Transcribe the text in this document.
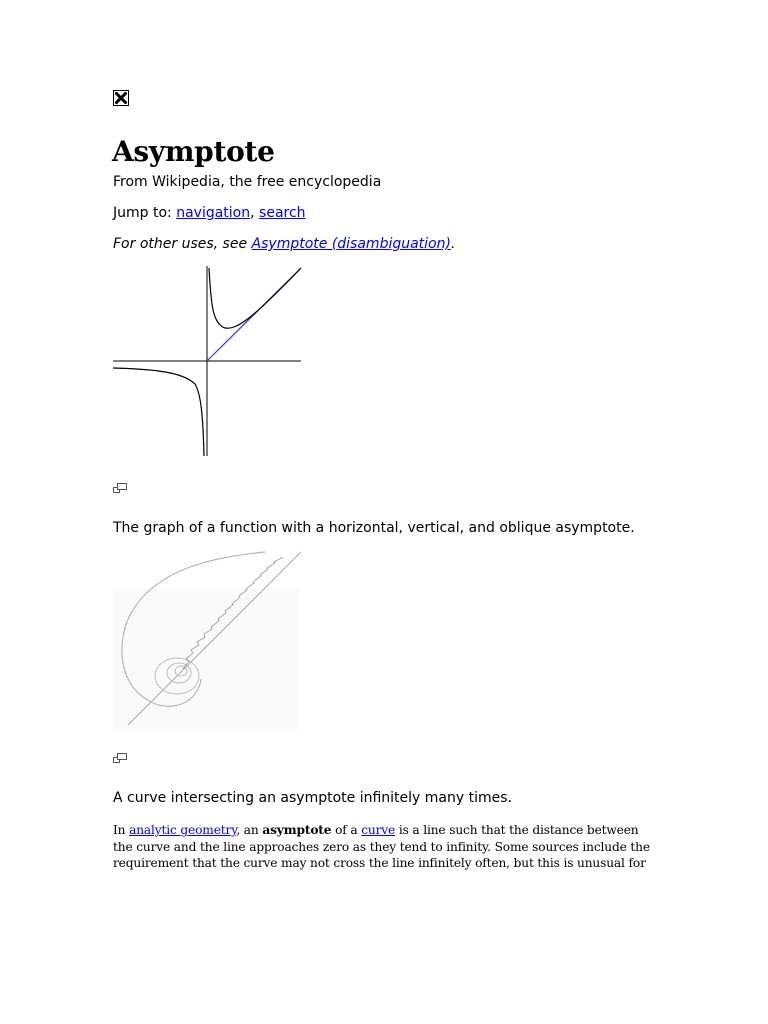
Asymptote
From Wikipedia, the free encyclopedia
Jump to: navigation, search
For other uses, see Asymptote (disambiguation).
The graph of a function with a horizontal, vertical, and oblique asymptote.
A curve intersecting an asymptote infinitely many times.

In analytic geometry, an asymptote of a curve is a line such that the distance between the curve and the line approaches zero as they tend to infinity. Some sources include the requirement that the curve may not cross the line infinitely often, but this is unusual for
